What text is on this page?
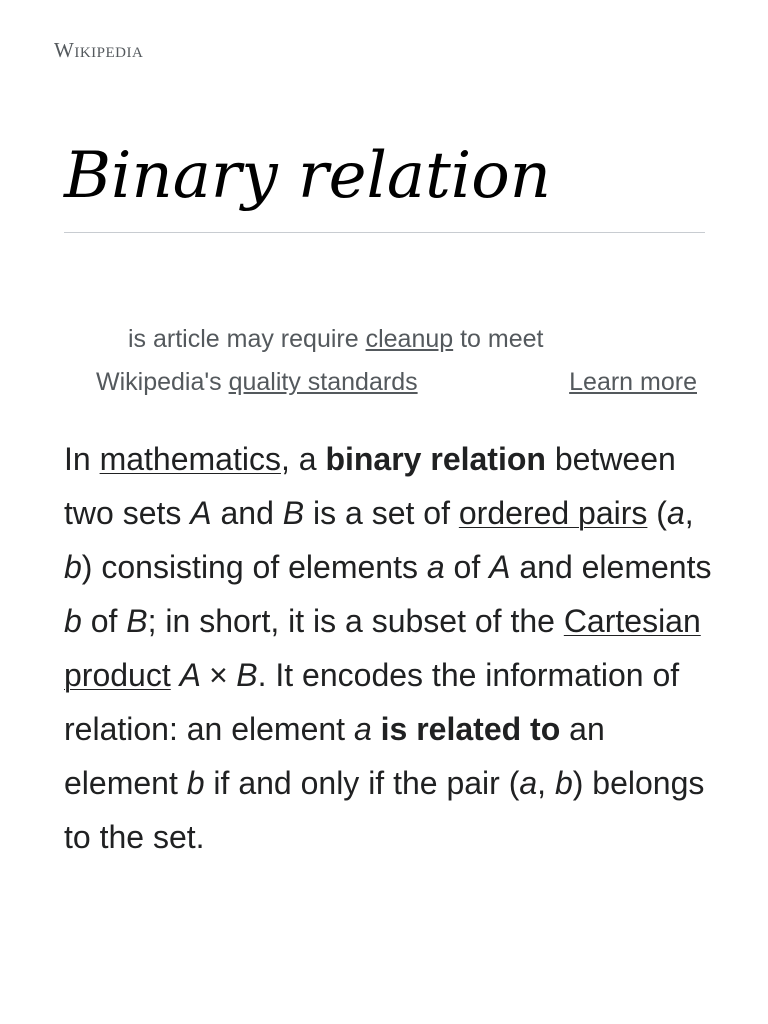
Wikipedia
Binary relation
is article may require cleanup to meet
Wikipedia's quality standards	Learn more

In mathematics, a binary relation between two sets A and B is a set of ordered pairs (a, b) consisting of elements a of A and elements b of B; in short, it is a subset of the Cartesian product A × B. It encodes the information of relation: an element a is related to an element b if and only if the pair (a, b) belongs to the set.
